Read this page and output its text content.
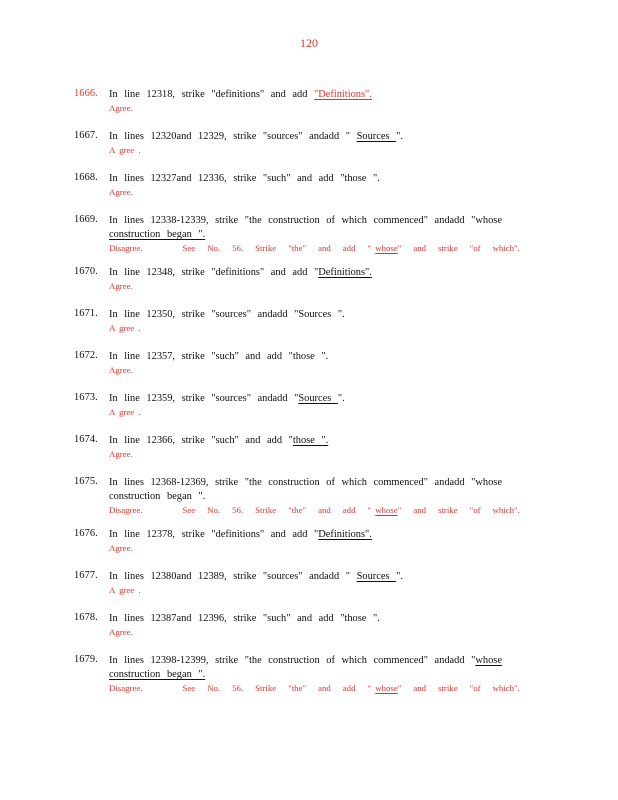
120
1666. In line 12318, strike "definitions" and add "Definitions".
Agree.
1667. In lines 12320and 12329, strike "sources" andadd " Sources ".
A gree .
1668. In lines 12327and 12336, strike "such" and add "those ".
Agree.
1669. In lines 12338-12339, strike "the construction of which commenced" andadd "whose
construction began ".
Disagree.	See No. 56. Strike "the" and add " whose" and strike "of which".
1670. In line 12348, strike "definitions" and add "Definitions".
Agree.
1671. In line 12350, strike "sources" andadd "Sources ".
A gree .
1672. In line 12357, strike "such" and add "those ".
Agree.
1673. In line 12359, strike "sources" andadd "Sources ".
A gree .
1674. In line 12366, strike "such" and add "those ".
Agree.
1675. In lines 12368-12369, strike "the construction of which commenced" andadd "whose
construction began ".
Disagree.	See No. 56. Strike "the" and add " whose" and strike "of which".
1676. In line 12378, strike "definitions" and add "Definitions".
Agree.
1677. In lines 12380and 12389, strike "sources" andadd " Sources ".
A gree .
1678. In lines 12387and 12396, strike "such" and add "those ".
Agree.
1679. In lines 12398-12399, strike "the construction of which commenced" andadd "whose
construction began ".
Disagree.	See No. 56. Strike "the" and add " whose" and strike "of which".
